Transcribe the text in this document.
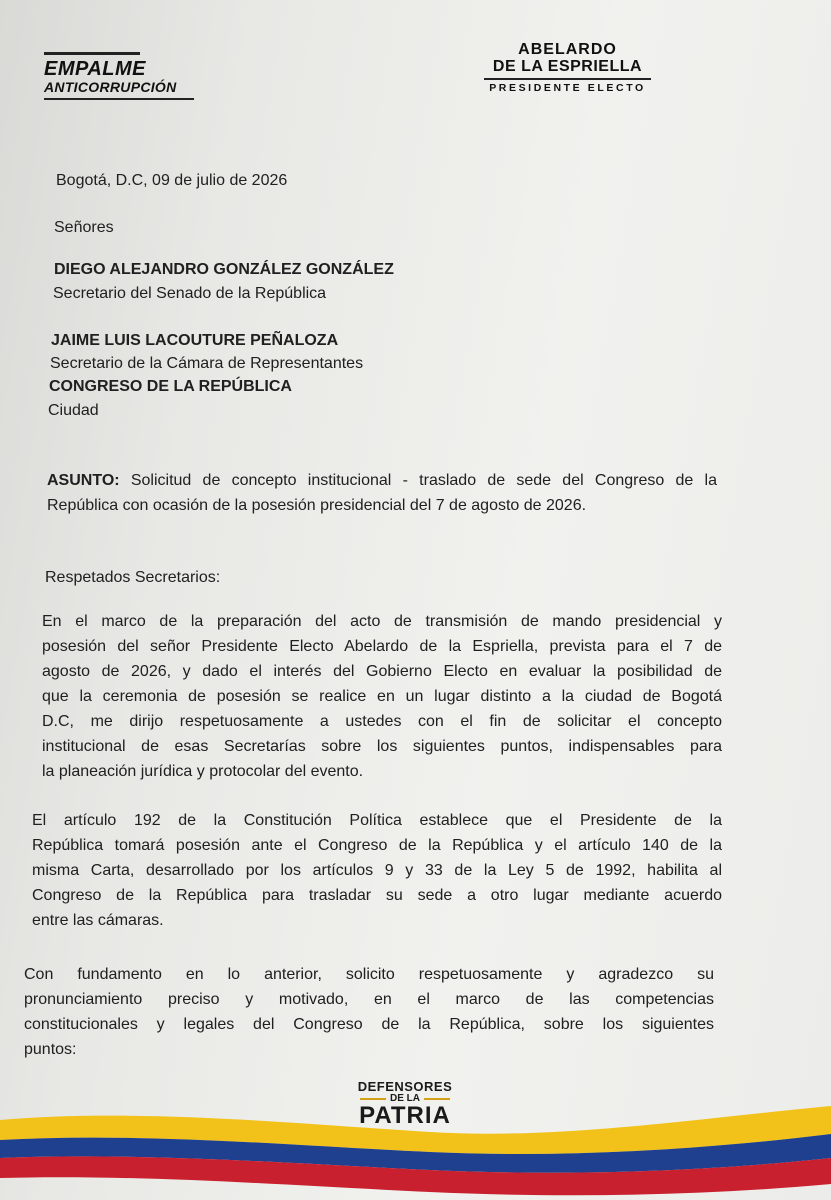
EMPALME
ANTICORRUPCIÓN
ABELARDO
DE LA ESPRIELLA
PRESIDENTE ELECTO
Bogotá, D.C, 09 de julio de 2026
Señores
DIEGO ALEJANDRO GONZÁLEZ GONZÁLEZ
Secretario del Senado de la República
JAIME LUIS LACOUTURE PEÑALOZA
Secretario de la Cámara de Representantes
CONGRESO DE LA REPÚBLICA
Ciudad
ASUNTO: Solicitud de concepto institucional - traslado de sede del Congreso de la
República con ocasión de la posesión presidencial del 7 de agosto de 2026.
Respetados Secretarios:
En el marco de la preparación del acto de transmisión de mando presidencial y
posesión del señor Presidente Electo Abelardo de la Espriella, prevista para el 7 de
agosto de 2026, y dado el interés del Gobierno Electo en evaluar la posibilidad de
que la ceremonia de posesión se realice en un lugar distinto a la ciudad de Bogotá
D.C, me dirijo respetuosamente a ustedes con el fin de solicitar el concepto
institucional de esas Secretarías sobre los siguientes puntos, indispensables para
la planeación jurídica y protocolar del evento.
El artículo 192 de la Constitución Política establece que el Presidente de la
República tomará posesión ante el Congreso de la República y el artículo 140 de la
misma Carta, desarrollado por los artículos 9 y 33 de la Ley 5 de 1992, habilita al
Congreso de la República para trasladar su sede a otro lugar mediante acuerdo
entre las cámaras.
Con fundamento en lo anterior, solicito respetuosamente y agradezco su
pronunciamiento preciso y motivado, en el marco de las competencias
constitucionales y legales del Congreso de la República, sobre los siguientes
puntos:
DEFENSORES
DE LA
PATRIA
